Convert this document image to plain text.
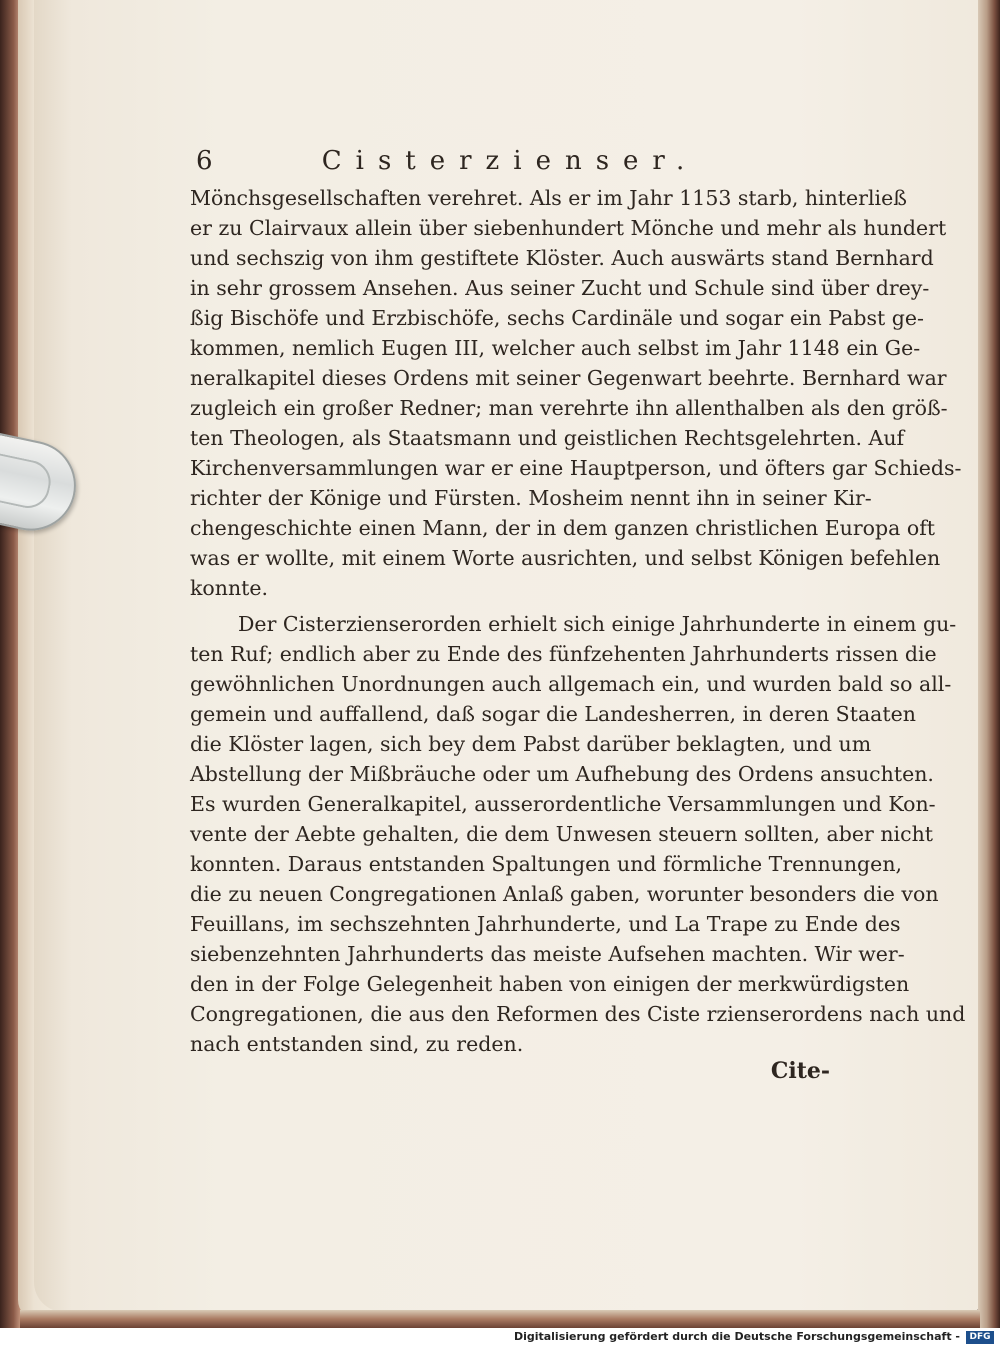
6	Cisterzienser.
Mönchsgesellschaften verehret. Als er im Jahr 1153 starb, hinterließ
er zu Clairvaux allein über siebenhundert Mönche und mehr als hundert
und sechszig von ihm gestiftete Klöster. Auch auswärts stand Bernhard
in sehr grossem Ansehen. Aus seiner Zucht und Schule sind über drey-
ßig Bischöfe und Erzbischöfe, sechs Cardinäle und sogar ein Pabst ge-
kommen, nemlich Eugen III, welcher auch selbst im Jahr 1148 ein Ge-
neralkapitel dieses Ordens mit seiner Gegenwart beehrte. Bernhard war
zugleich ein großer Redner; man verehrte ihn allenthalben als den größ-
ten Theologen, als Staatsmann und geistlichen Rechtsgelehrten. Auf
Kirchenversammlungen war er eine Hauptperson, und öfters gar Schieds-
richter der Könige und Fürsten. Mosheim nennt ihn in seiner Kir-
chengeschichte einen Mann, der in dem ganzen christlichen Europa oft
was er wollte, mit einem Worte ausrichten, und selbst Königen befehlen
konnte.
Der Cisterzienserorden erhielt sich einige Jahrhunderte in einem gu-
ten Ruf; endlich aber zu Ende des fünfzehenten Jahrhunderts rissen die
gewöhnlichen Unordnungen auch allgemach ein, und wurden bald so all-
gemein und auffallend, daß sogar die Landesherren, in deren Staaten
die Klöster lagen, sich bey dem Pabst darüber beklagten, und um
Abstellung der Mißbräuche oder um Aufhebung des Ordens ansuchten.
Es wurden Generalkapitel, ausserordentliche Versammlungen und Kon-
vente der Aebte gehalten, die dem Unwesen steuern sollten, aber nicht
konnten. Daraus entstanden Spaltungen und förmliche Trennungen,
die zu neuen Congregationen Anlaß gaben, worunter besonders die von
Feuillans, im sechszehnten Jahrhunderte, und La Trape zu Ende des
siebenzehnten Jahrhunderts das meiste Aufsehen machten. Wir wer-
den in der Folge Gelegenheit haben von einigen der merkwürdigsten
Congregationen, die aus den Reformen des Ciste rzienserordens nach und
nach entstanden sind, zu reden.
Cite-
Digitalisierung gefördert durch die Deutsche Forschungsgemeinschaft -	DFG
